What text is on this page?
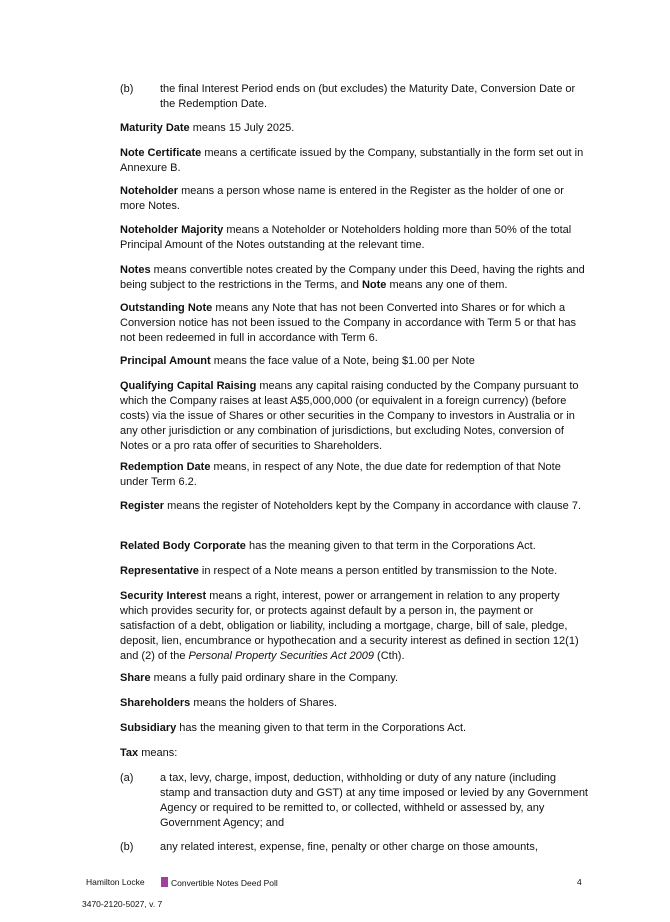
(b) the final Interest Period ends on (but excludes) the Maturity Date, Conversion Date or the Redemption Date.
Maturity Date means 15 July 2025.
Note Certificate means a certificate issued by the Company, substantially in the form set out in Annexure B.
Noteholder means a person whose name is entered in the Register as the holder of one or more Notes.
Noteholder Majority means a Noteholder or Noteholders holding more than 50% of the total Principal Amount of the Notes outstanding at the relevant time.
Notes means convertible notes created by the Company under this Deed, having the rights and being subject to the restrictions in the Terms, and Note means any one of them.
Outstanding Note means any Note that has not been Converted into Shares or for which a Conversion notice has not been issued to the Company in accordance with Term 5 or that has not been redeemed in full in accordance with Term 6.
Principal Amount means the face value of a Note, being $1.00 per Note
Qualifying Capital Raising means any capital raising conducted by the Company pursuant to which the Company raises at least A$5,000,000 (or equivalent in a foreign currency) (before costs) via the issue of Shares or other securities in the Company to investors in Australia or in any other jurisdiction or any combination of jurisdictions, but excluding Notes, conversion of Notes or a pro rata offer of securities to Shareholders.
Redemption Date means, in respect of any Note, the due date for redemption of that Note under Term 6.2.
Register means the register of Noteholders kept by the Company in accordance with clause 7.
Related Body Corporate has the meaning given to that term in the Corporations Act.
Representative in respect of a Note means a person entitled by transmission to the Note.
Security Interest means a right, interest, power or arrangement in relation to any property which provides security for, or protects against default by a person in, the payment or satisfaction of a debt, obligation or liability, including a mortgage, charge, bill of sale, pledge, deposit, lien, encumbrance or hypothecation and a security interest as defined in section 12(1) and (2) of the Personal Property Securities Act 2009 (Cth).
Share means a fully paid ordinary share in the Company.
Shareholders means the holders of Shares.
Subsidiary has the meaning given to that term in the Corporations Act.
Tax means:
(a) a tax, levy, charge, impost, deduction, withholding or duty of any nature (including stamp and transaction duty and GST) at any time imposed or levied by any Government Agency or required to be remitted to, or collected, withheld or assessed by, any Government Agency; and
(b) any related interest, expense, fine, penalty or other charge on those amounts,
Hamilton Locke	Convertible Notes Deed Poll	4
3470-2120-5027, v. 7
